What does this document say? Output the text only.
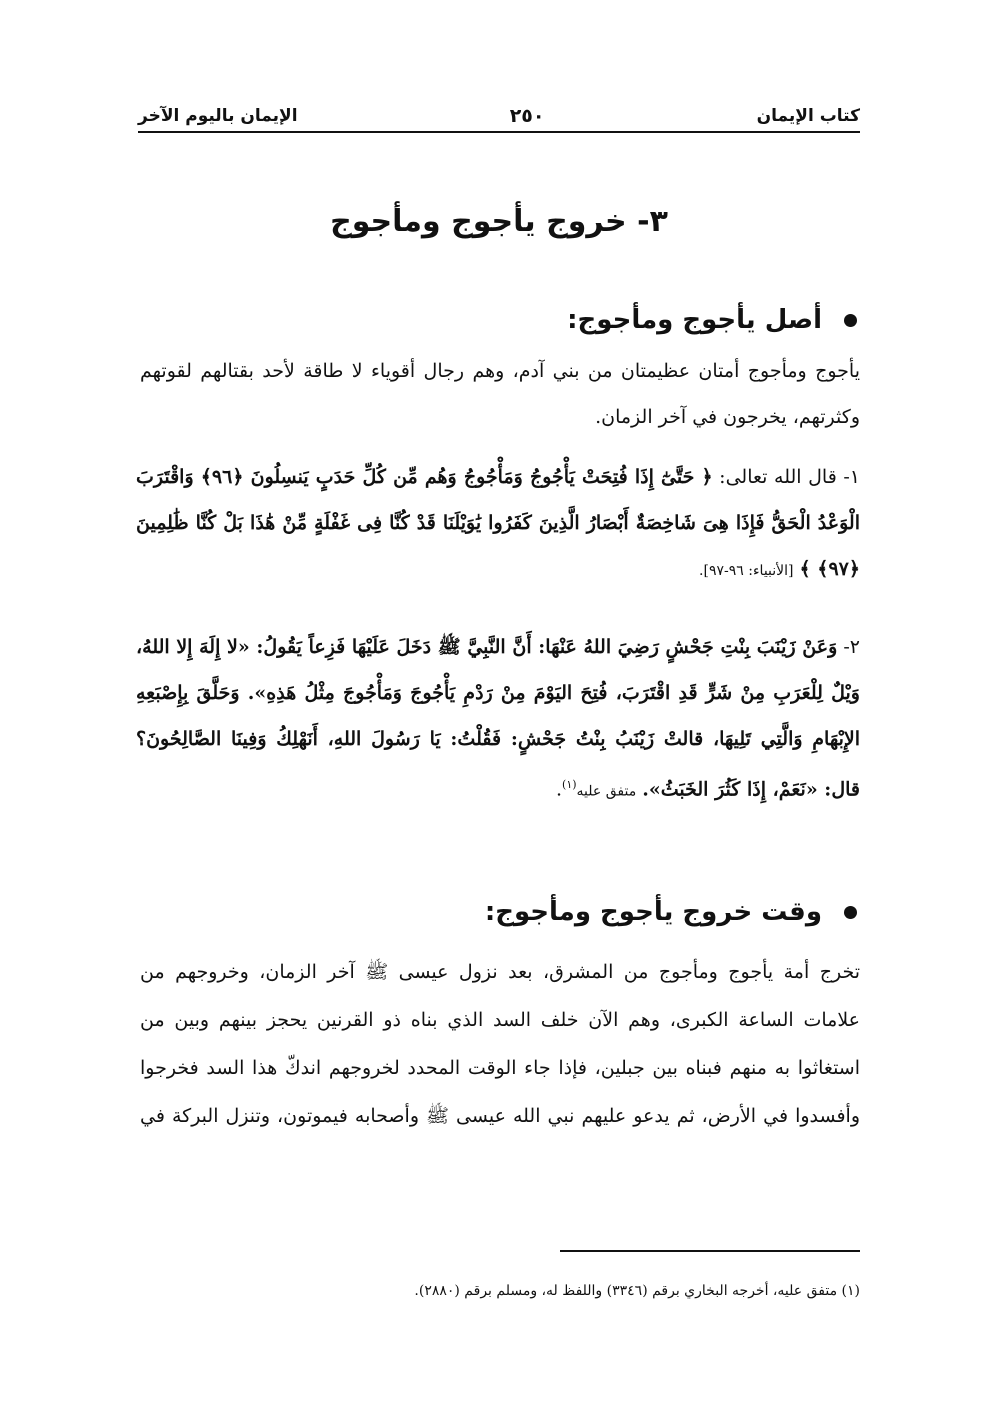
كتاب الإيمان
٢٥٠
الإيمان باليوم الآخر
٣- خروج يأجوج ومأجوج
أصل يأجوج ومأجوج:
يأجوج ومأجوج أمتان عظيمتان من بني آدم، وهم رجال أقوياء لا طاقة لأحد بقتالهم لقوتهم وكثرتهم، يخرجون في آخر الزمان.
١- قال الله تعالى: ﴿ حَتَّىٰٓ إِذَا فُتِحَتْ يَأْجُوجُ وَمَأْجُوجُ وَهُم مِّن كُلِّ حَدَبٍ يَنسِلُونَ ﴿٩٦﴾ وَاقْتَرَبَ الْوَعْدُ الْحَقُّ فَإِذَا هِىَ شَاخِصَةٌ أَبْصَارُ الَّذِينَ كَفَرُوا يَٰوَيْلَنَا قَدْ كُنَّا فِى غَفْلَةٍ مِّنْ هَٰذَا بَلْ كُنَّا ظَٰلِمِينَ ﴿٩٧﴾ ﴾ [الأنبياء: ٩٦-٩٧].
٢- وَعَنْ زَيْنَبَ بِنْتِ جَحْشٍ رَضِيَ اللهُ عَنْهَا: أَنَّ النَّبِيَّ ﷺ دَخَلَ عَلَيْهَا فَزِعاً يَقُولُ: «لا إِلَهَ إِلا اللهُ، وَيْلٌ لِلْعَرَبِ مِنْ شَرٍّ قَدِ اقْتَرَبَ، فُتِحَ اليَوْمَ مِنْ رَدْمِ يَأْجُوجَ وَمَأْجُوجَ مِثْلُ هَذِهِ». وَحَلَّقَ بِإِصْبَعِهِ الإِبْهَامِ وَالَّتِي تَلِيهَا، قالتْ زَيْنَبُ بِنْتُ جَحْشٍ: فَقُلْتُ: يَا رَسُولَ اللهِ، أَنَهْلِكُ وَفِينَا الصَّالِحُونَ؟ قال: «نَعَمْ، إِذَا كَثُرَ الخَبَثُ». متفق عليه$^{(١)}$.
وقت خروج يأجوج ومأجوج:
تخرج أمة يأجوج ومأجوج من المشرق، بعد نزول عيسى ﷺ آخر الزمان، وخروجهم من علامات الساعة الكبرى، وهم الآن خلف السد الذي بناه ذو القرنين يحجز بينهم وبين من استغاثوا به منهم فبناه بين جبلين، فإذا جاء الوقت المحدد لخروجهم اندكّ هذا السد فخرجوا وأفسدوا في الأرض، ثم يدعو عليهم نبي الله عيسى ﷺ وأصحابه فيموتون، وتنزل البركة في
(١) متفق عليه، أخرجه البخاري برقم (٣٣٤٦) واللفظ له، ومسلم برقم (٢٨٨٠).
